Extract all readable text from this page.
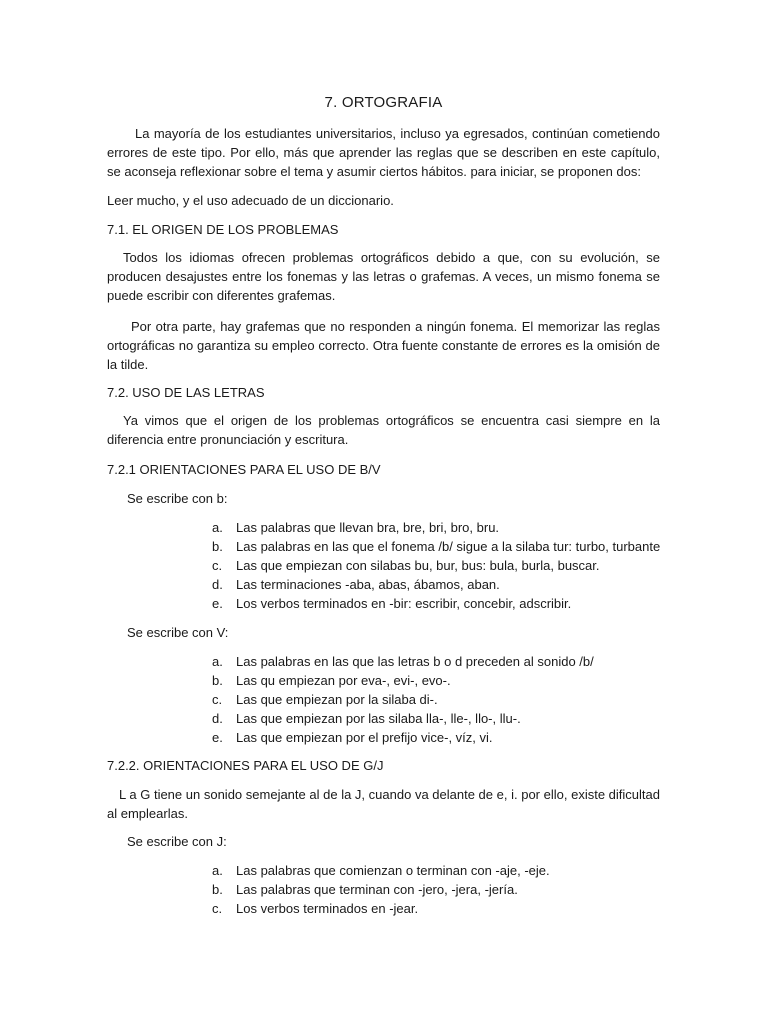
7. ORTOGRAFIA
La mayoría de los estudiantes universitarios, incluso ya egresados, continúan cometiendo errores de este tipo. Por ello, más que aprender las reglas que se describen en este capítulo, se aconseja reflexionar sobre el tema y asumir ciertos hábitos. para iniciar, se proponen dos:
Leer mucho, y el uso adecuado de un diccionario.
7.1. EL ORIGEN DE LOS PROBLEMAS
Todos los idiomas ofrecen problemas ortográficos debido a que, con su evolución, se producen desajustes entre los fonemas y las letras o grafemas. A veces, un mismo fonema se puede escribir con diferentes grafemas.
Por otra parte, hay grafemas que no responden a ningún fonema. El memorizar las reglas ortográficas no garantiza su empleo correcto. Otra fuente constante de errores es la omisión de la tilde.
7.2. USO DE LAS LETRAS
Ya vimos que el origen de los problemas ortográficos se encuentra casi siempre en la diferencia entre pronunciación y escritura.
7.2.1 ORIENTACIONES PARA EL USO DE B/V
Se escribe con b:
a. Las palabras que llevan bra, bre, bri, bro, bru.
b. Las palabras en las que el fonema /b/ sigue a la silaba tur: turbo, turbante
c. Las que empiezan con silabas bu, bur, bus: bula, burla, buscar.
d. Las terminaciones -aba, abas, ábamos, aban.
e. Los verbos terminados en -bir: escribir, concebir, adscribir.
Se escribe con V:
a. Las palabras en las que las letras b o d preceden al sonido /b/
b. Las qu empiezan por eva-, evi-, evo-.
c. Las que empiezan por la silaba di-.
d. Las que empiezan por las silaba lla-, lle-, llo-, llu-.
e. Las que empiezan por el prefijo vice-, víz, vi.
7.2.2. ORIENTACIONES PARA EL USO DE G/J
L a G tiene un sonido semejante al de la J, cuando va delante de e, i. por ello, existe dificultad al emplearlas.
Se escribe con J:
a. Las palabras que comienzan o terminan con -aje, -eje.
b. Las palabras que terminan con -jero, -jera, -jería.
c. Los verbos terminados en -jear.
